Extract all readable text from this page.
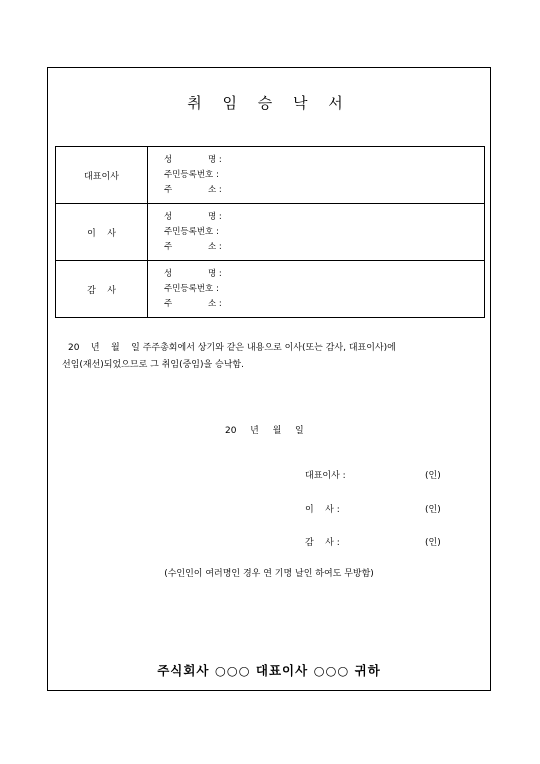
취 임 승 낙 서
대표이사	성 명 :
주민등록번호 :
주 소 :

이    사	성 명 :
주민등록번호 :
주 소 :

감    사	성 명 :
주민등록번호 :
주 소 :
20    년    월    일 주주총회에서 상기와 같은 내용으로 이사(또는 감사, 대표이사)에
선임(재선)되었으므로 그 취임(중임)을 승낙함.
20  년  월  일
대표이사 :	(인)
이    사 :	(인)
감    사 :	(인)
(수인인이 여러명인 경우 연 기명 날인 하여도 무방함)
주식회사 ○○○ 대표이사 ○○○ 귀하
